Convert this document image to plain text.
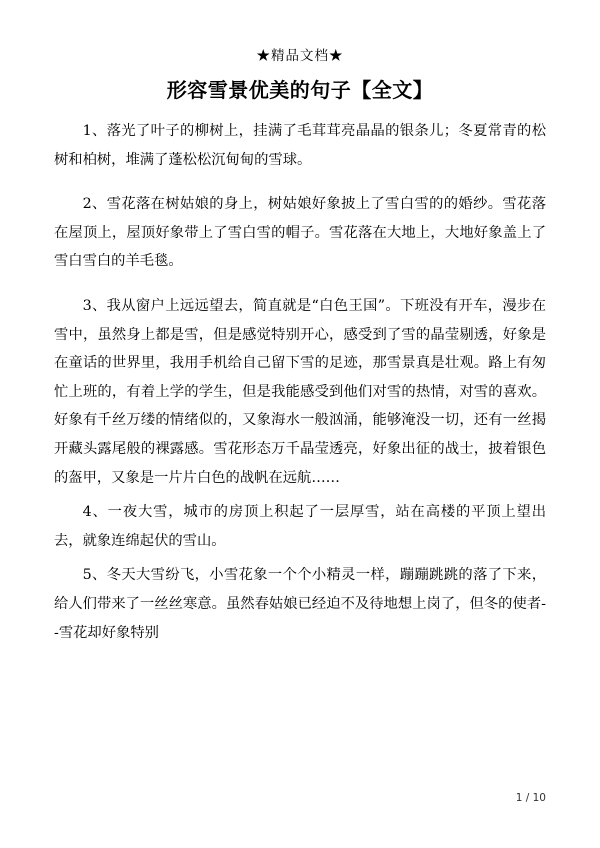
★精品文档★
形容雪景优美的句子【全文】

1、落光了叶子的柳树上，挂满了毛茸茸亮晶晶的银条儿；冬夏常青的松树和柏树，堆满了蓬松松沉甸甸的雪球。

2、雪花落在树姑娘的身上，树姑娘好象披上了雪白雪的的婚纱。雪花落在屋顶上，屋顶好象带上了雪白雪的帽子。雪花落在大地上，大地好象盖上了雪白雪白的羊毛毯。

3、我从窗户上远远望去，简直就是“白色王国”。下班没有开车，漫步在雪中，虽然身上都是雪，但是感觉特别开心，感受到了雪的晶莹剔透，好象是在童话的世界里，我用手机给自己留下雪的足迹，那雪景真是壮观。路上有匆忙上班的，有着上学的学生，但是我能感受到他们对雪的热情，对雪的喜欢。好象有千丝万缕的情绪似的，又象海水一般汹涌，能够淹没一切，还有一丝揭开藏头露尾般的裸露感。雪花形态万千晶莹透亮，好象出征的战士，披着银色的盔甲，又象是一片片白色的战帆在远航……

4、一夜大雪，城市的房顶上积起了一层厚雪，站在高楼的平顶上望出去，就象连绵起伏的雪山。

5、冬天大雪纷飞，小雪花象一个个小精灵一样，蹦蹦跳跳的落了下来，给人们带来了一丝丝寒意。虽然春姑娘已经迫不及待地想上岗了，但冬的使者--雪花却好象特别

1 / 10
